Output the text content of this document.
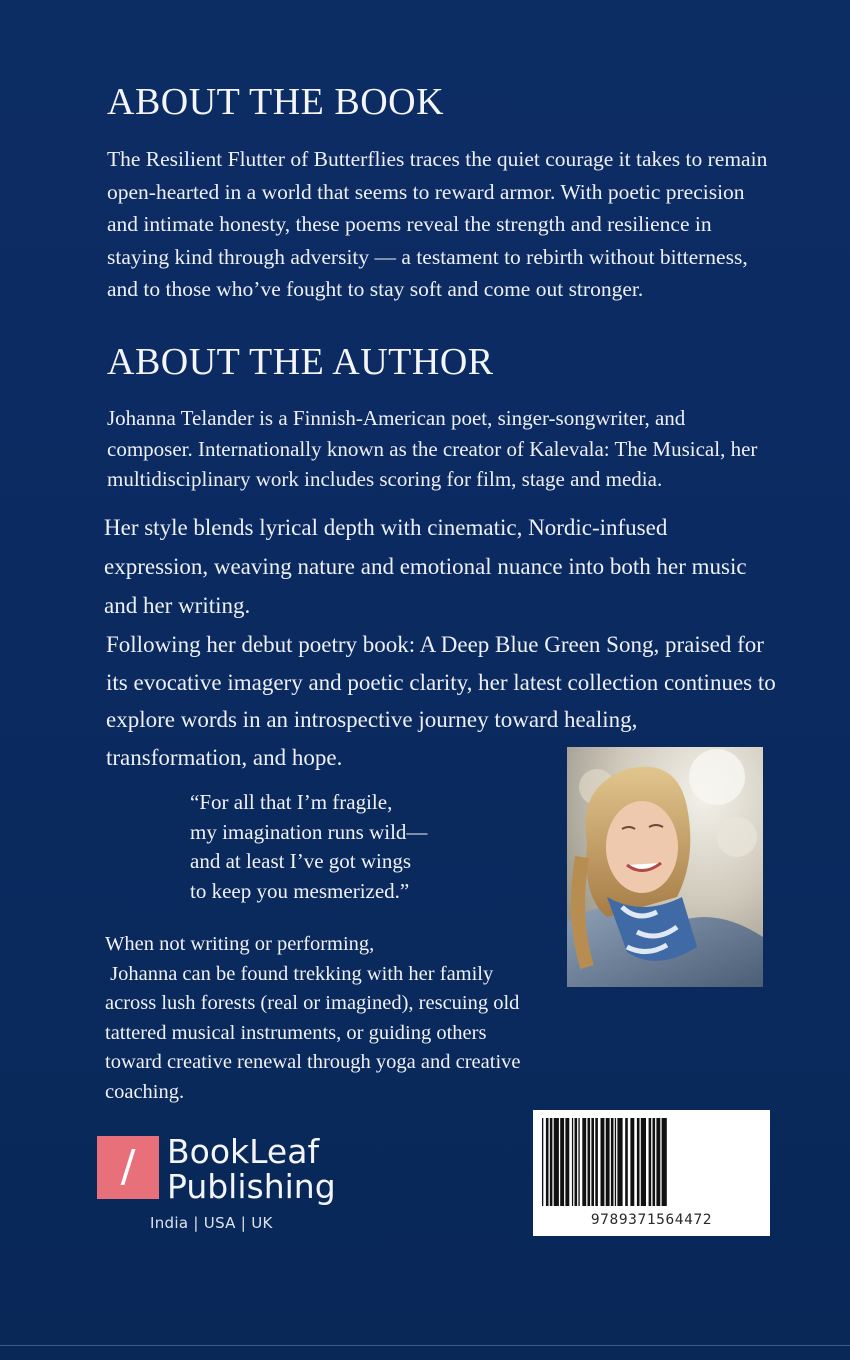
ABOUT THE BOOK

The Resilient Flutter of Butterflies traces the quiet courage it takes to remain
open-hearted in a world that seems to reward armor. With poetic precision
and intimate honesty, these poems reveal the strength and resilience in
staying kind through adversity — a testament to rebirth without bitterness,
and to those who’ve fought to stay soft and come out stronger.

ABOUT THE AUTHOR

Johanna Telander is a Finnish-American poet, singer-songwriter, and
composer. Internationally known as the creator of Kalevala: The Musical, her
multidisciplinary work includes scoring for film, stage and media.

Her style blends lyrical depth with cinematic, Nordic-infused
expression, weaving nature and emotional nuance into both her music
and her writing.

Following her debut poetry book: A Deep Blue Green Song, praised for
its evocative imagery and poetic clarity, her latest collection continues to
explore words in an introspective journey toward healing,
transformation, and hope.

“For all that I’m fragile,
my imagination runs wild—
and at least I’ve got wings
to keep you mesmerized.”

When not writing or performing,
Johanna can be found trekking with her family
across lush forests (real or imagined), rescuing old
tattered musical instruments, or guiding others
toward creative renewal through yoga and creative
coaching.

/ BookLeaf
Publishing
India | USA | UK	9789371564472
